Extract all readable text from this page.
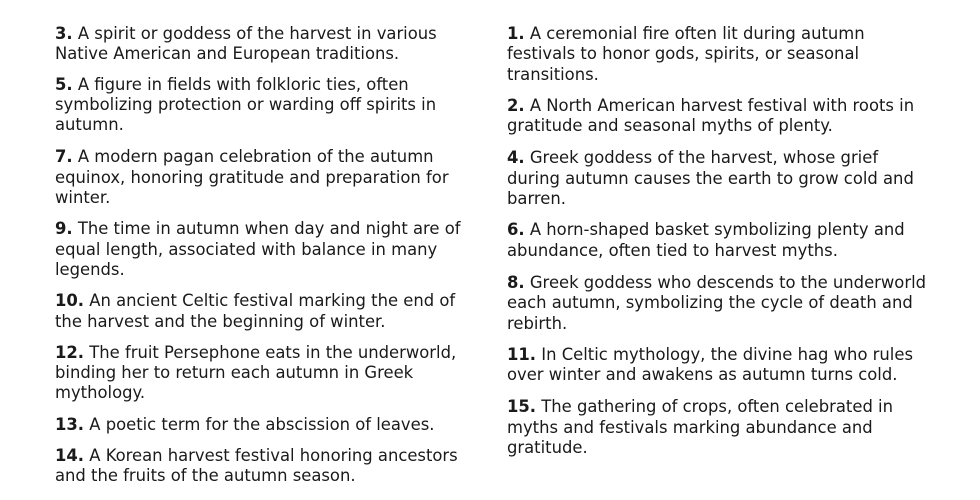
3. A spirit or goddess of the harvest in various Native American and European traditions.

5. A figure in fields with folkloric ties, often symbolizing protection or warding off spirits in autumn.

7. A modern pagan celebration of the autumn equinox, honoring gratitude and preparation for winter.

9. The time in autumn when day and night are of equal length, associated with balance in many legends.

10. An ancient Celtic festival marking the end of the harvest and the beginning of winter.

12. The fruit Persephone eats in the underworld, binding her to return each autumn in Greek mythology.

13. A poetic term for the abscission of leaves.

14. A Korean harvest festival honoring ancestors and the fruits of the autumn season.

1. A ceremonial fire often lit during autumn festivals to honor gods, spirits, or seasonal transitions.

2. A North American harvest festival with roots in gratitude and seasonal myths of plenty.

4. Greek goddess of the harvest, whose grief during autumn causes the earth to grow cold and barren.

6. A horn-shaped basket symbolizing plenty and abundance, often tied to harvest myths.

8. Greek goddess who descends to the underworld each autumn, symbolizing the cycle of death and rebirth.

11. In Celtic mythology, the divine hag who rules over winter and awakens as autumn turns cold.

15. The gathering of crops, often celebrated in myths and festivals marking abundance and gratitude.
